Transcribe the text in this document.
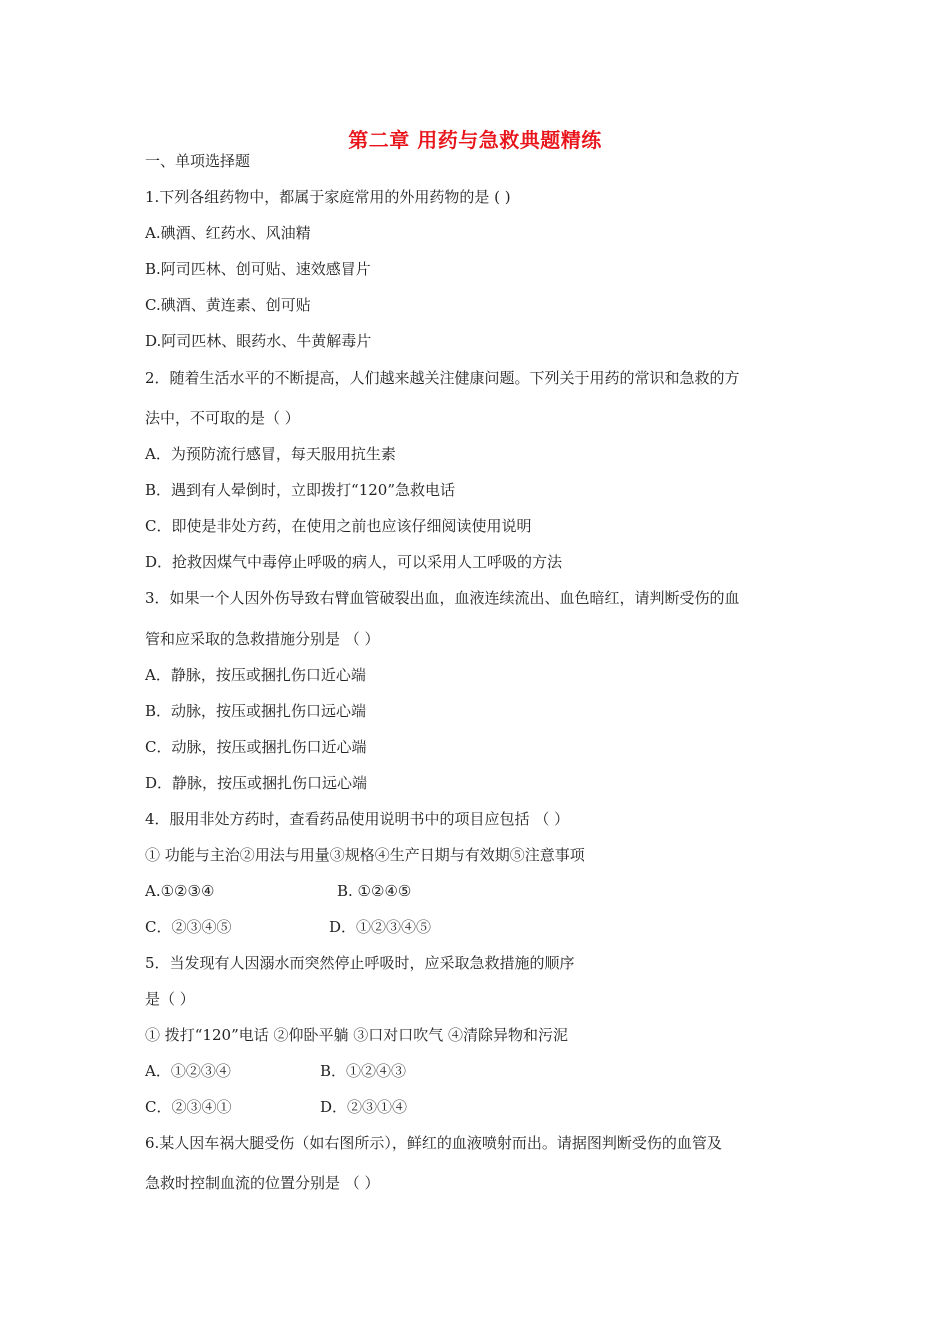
第二章 用药与急救典题精练
一、单项选择题
1.下列各组药物中，都属于家庭常用的外用药物的是 ( )
A.碘酒、红药水、风油精
B.阿司匹林、创可贴、速效感冒片
C.碘酒、黄连素、创可贴
D.阿司匹林、眼药水、牛黄解毒片
2．随着生活水平的不断提高，人们越来越关注健康问题。下列关于用药的常识和急救的方
法中，不可取的是（ ）
A．为预防流行感冒，每天服用抗生素
B．遇到有人晕倒时，立即拨打“120”急救电话
C．即使是非处方药，在使用之前也应该仔细阅读使用说明
D．抢救因煤气中毒停止呼吸的病人，可以采用人工呼吸的方法
3．如果一个人因外伤导致右臂血管破裂出血，血液连续流出、血色暗红，请判断受伤的血
管和应采取的急救措施分别是 （ ）
A．静脉，按压或捆扎伤口近心端
B．动脉，按压或捆扎伤口远心端
C．动脉，按压或捆扎伤口近心端
D．静脉，按压或捆扎伤口远心端
4．服用非处方药时，查看药品使用说明书中的项目应包括 （ ）
① 功能与主治②用法与用量③规格④生产日期与有效期⑤注意事项
A.①②③④	B. ①②④⑤
C．②③④⑤	D．①②③④⑤
5．当发现有人因溺水而突然停止呼吸时，应采取急救措施的顺序
是（ ）
① 拨打“120”电话 ②仰卧平躺 ③口对口吹气 ④清除异物和污泥
A．①②③④	B．①②④③
C．②③④①	D．②③①④
6.某人因车祸大腿受伤（如右图所示），鲜红的血液喷射而出。请据图判断受伤的血管及
急救时控制血流的位置分别是 （ ）
